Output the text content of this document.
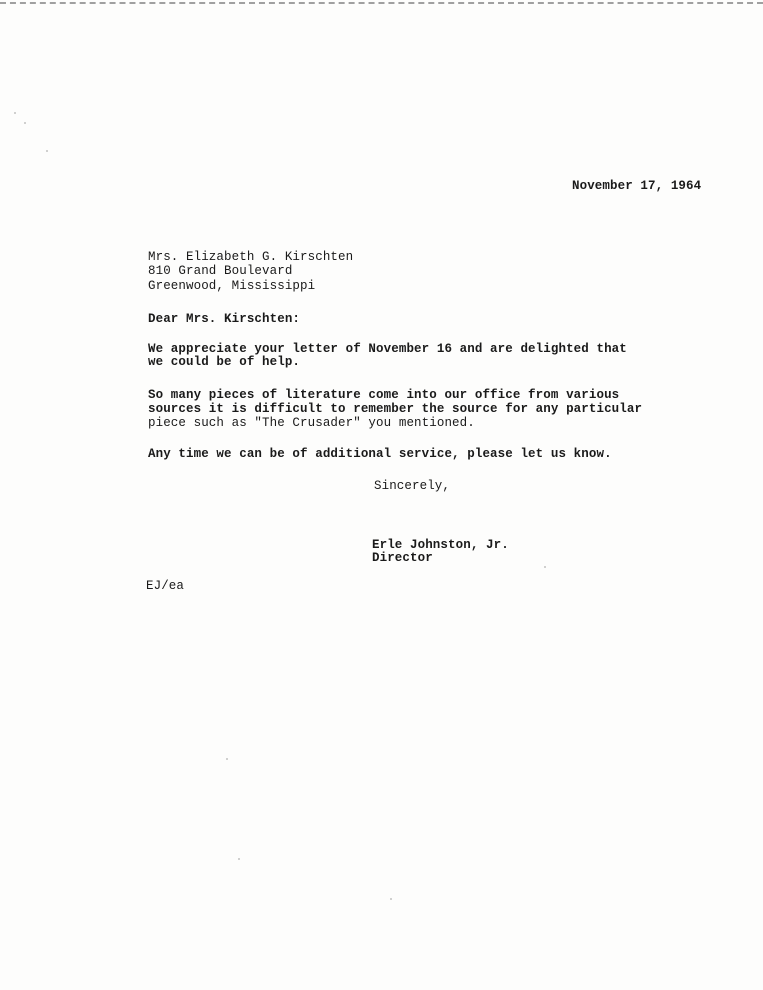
November 17, 1964

Mrs. Elizabeth G. Kirschten

810 Grand Boulevard

Greenwood, Mississippi

Dear Mrs. Kirschten:

We appreciate your letter of November 16 and are delighted that

we could be of help.

So many pieces of literature come into our office from various

sources it is difficult to remember the source for any particular

piece such as "The Crusader" you mentioned.

Any time we can be of additional service, please let us know.

Sincerely,

Erle Johnston, Jr.

Director

EJ/ea
